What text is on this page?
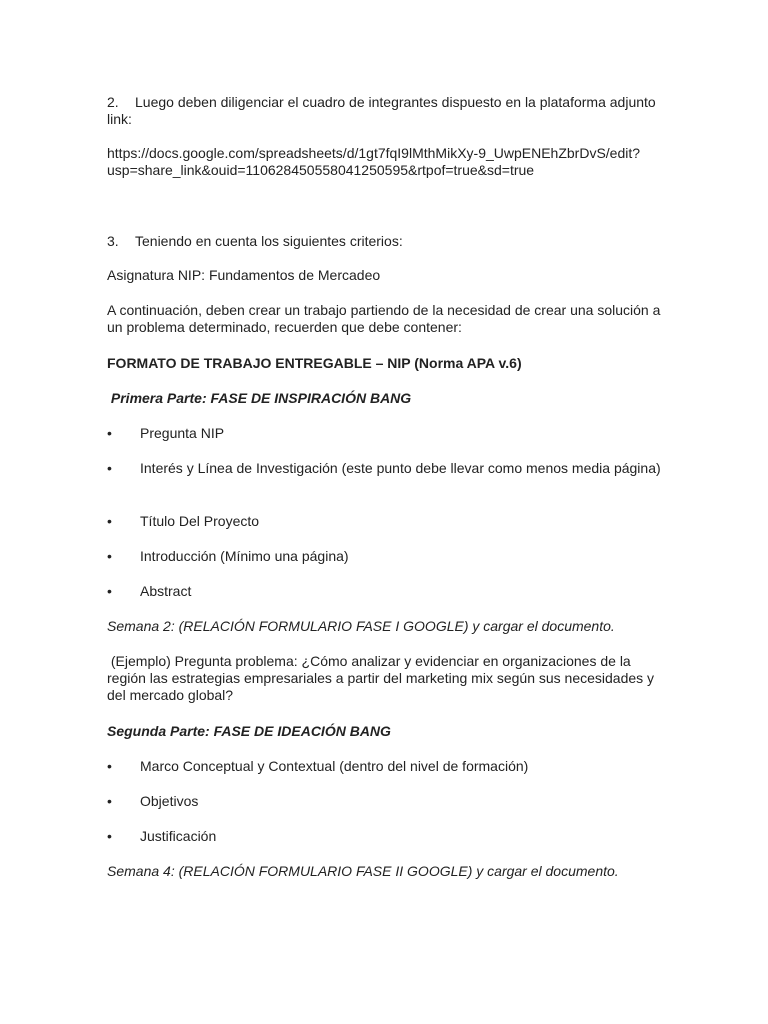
2. Luego deben diligenciar el cuadro de integrantes dispuesto en la plataforma adjunto link:

https://docs.google.com/spreadsheets/d/1gt7fqI9lMthMikXy-9_UwpENEhZbrDvS/edit?
usp=share_link&ouid=110628450558041250595&rtpof=true&sd=true

3. Teniendo en cuenta los siguientes criterios:

Asignatura NIP: Fundamentos de Mercadeo

A continuación, deben crear un trabajo partiendo de la necesidad de crear una solución a un problema determinado, recuerden que debe contener:

FORMATO DE TRABAJO ENTREGABLE – NIP (Norma APA v.6)

Primera Parte: FASE DE INSPIRACIÓN BANG

•	Pregunta NIP
•	Interés y Línea de Investigación (este punto debe llevar como menos media página)
•	Título Del Proyecto
•	Introducción (Mínimo una página)
•	Abstract

Semana 2: (RELACIÓN FORMULARIO FASE I GOOGLE) y cargar el documento.

(Ejemplo) Pregunta problema: ¿Cómo analizar y evidenciar en organizaciones de la región las estrategias empresariales a partir del marketing mix según sus necesidades y del mercado global?

Segunda Parte: FASE DE IDEACIÓN BANG

•	Marco Conceptual y Contextual (dentro del nivel de formación)
•	Objetivos
•	Justificación

Semana 4: (RELACIÓN FORMULARIO FASE II GOOGLE) y cargar el documento.
